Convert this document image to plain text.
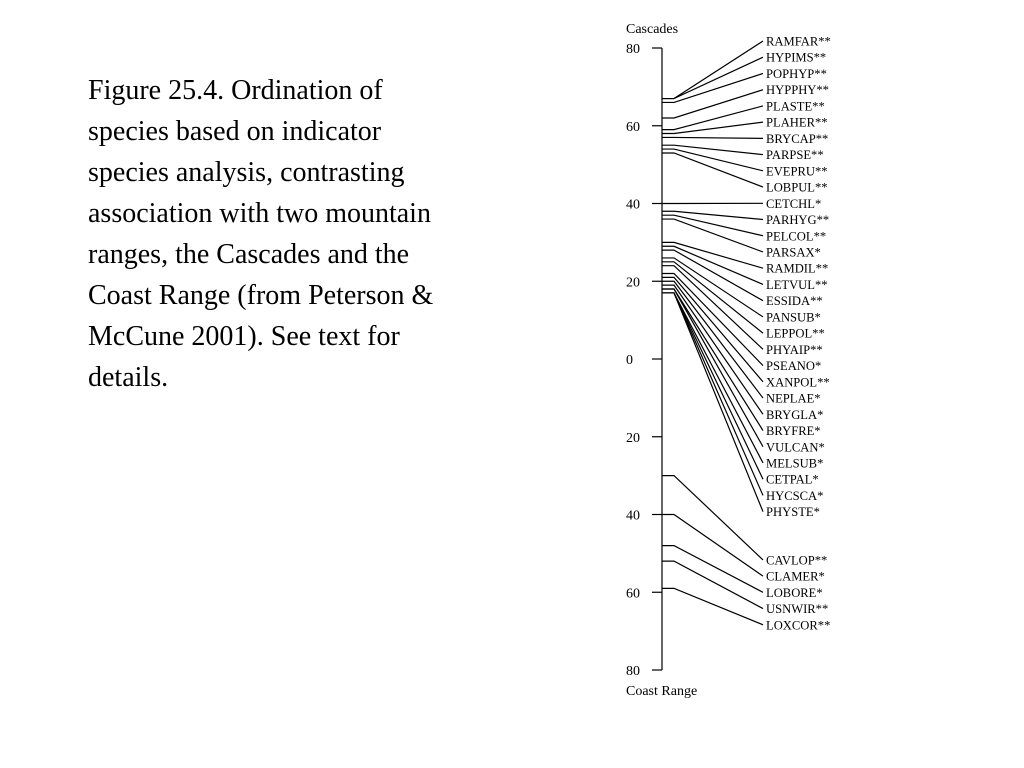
Figure 25.4. Ordination of
species based on indicator
species analysis, contrasting
association with two mountain
ranges, the Cascades and the
Coast Range (from Peterson &
McCune 2001). See text for
details.
80
60
40
20
0
20
40
60
80
RAMFAR**
HYPIMS**
POPHYP**
HYPPHY**
PLASTE**
PLAHER**
BRYCAP**
PARPSE**
EVEPRU**
LOBPUL**
CETCHL*
PARHYG**
PELCOL**
PARSAX*
RAMDIL**
LETVUL**
ESSIDA**
PANSUB*
LEPPOL**
PHYAIP**
PSEANO*
XANPOL**
NEPLAE*
BRYGLA*
BRYFRE*
VULCAN*
MELSUB*
CETPAL*
HYCSCA*
PHYSTE*
CAVLOP**
CLAMER*
LOBORE*
USNWIR**
LOXCOR**
Cascades
Coast Range
